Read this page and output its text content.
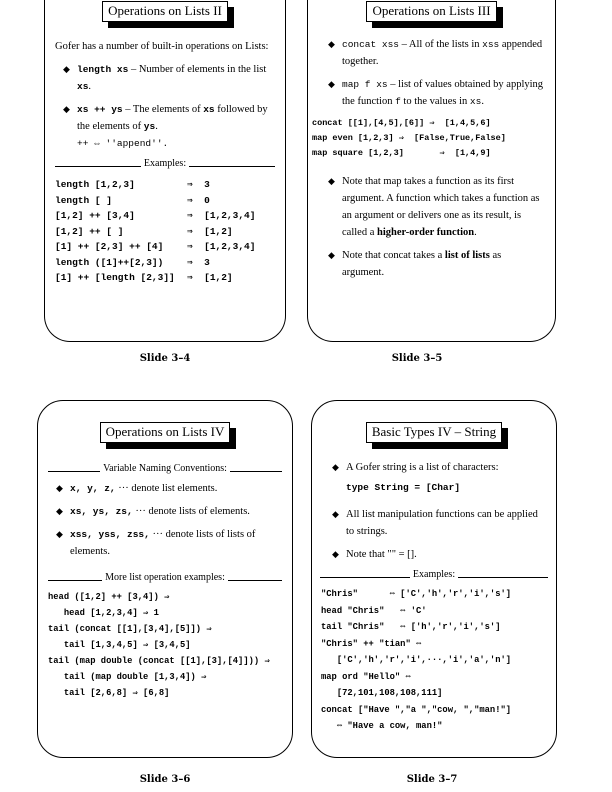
Operations on Lists II
Gofer has a number of built-in operations on Lists:
◆ length xs – Number of elements in the list xs.
◆ xs ++ ys – The elements of xs followed by the elements of ys.
++ ⇔ ''append''.
Examples:
length [1,2,3]	⇒  3
length [ ]	⇒  0
[1,2] ++ [3,4]	⇒  [1,2,3,4]
[1,2] ++ [ ]	⇒  [1,2]
[1] ++ [2,3] ++ [4]	⇒  [1,2,3,4]
length ([1]++[2,3])	⇒  3
[1] ++ [length [2,3]]	⇒  [1,2]
Slide 3–4
Operations on Lists III
◆ concat xss – All of the lists in xss appended together.
◆ map f xs – list of values obtained by applying the function f to the values in xs.
concat [[1],[4,5],[6]] ⇒  [1,4,5,6]
map even [1,2,3] ⇒  [False,True,False]
map square [1,2,3]       ⇒  [1,4,9]
◆ Note that map takes a function as its first argument. A function which takes a function as an argument or delivers one as its result, is called a higher-order function.
◆ Note that concat takes a list of lists as argument.
Slide 3–5
Operations on Lists IV
Variable Naming Conventions:
◆ x, y, z, ··· denote list elements.
◆ xs, ys, zs, ··· denote lists of elements.
◆ xss, yss, zss, ··· denote lists of lists of elements.
More list operation examples:
head ([1,2] ++ [3,4]) ⇒
head [1,2,3,4] ⇒ 1
tail (concat [[1],[3,4],[5]]) ⇒
tail [1,3,4,5] ⇒ [3,4,5]
tail (map double (concat [[1],[3],[4]])) ⇒
tail (map double [1,3,4]) ⇒
tail [2,6,8] ⇒ [6,8]
Slide 3–6
Basic Types IV – String
◆ A Gofer string is a list of characters:
type String = [Char]
◆ All list manipulation functions can be applied to strings.
◆ Note that "" = [].
Examples:
"Chris"      ⇔ ['C','h','r','i','s']
head "Chris"   ⇔ 'C'
tail "Chris"   ⇔ ['h','r','i','s']
"Chris" ++ "tian" ⇔
['C','h','r','i',···,'i','a','n']
map ord "Hello" ⇔
[72,101,108,108,111]
concat ["Have ","a ","cow, ","man!"]
⇔ "Have a cow, man!"
Slide 3–7
